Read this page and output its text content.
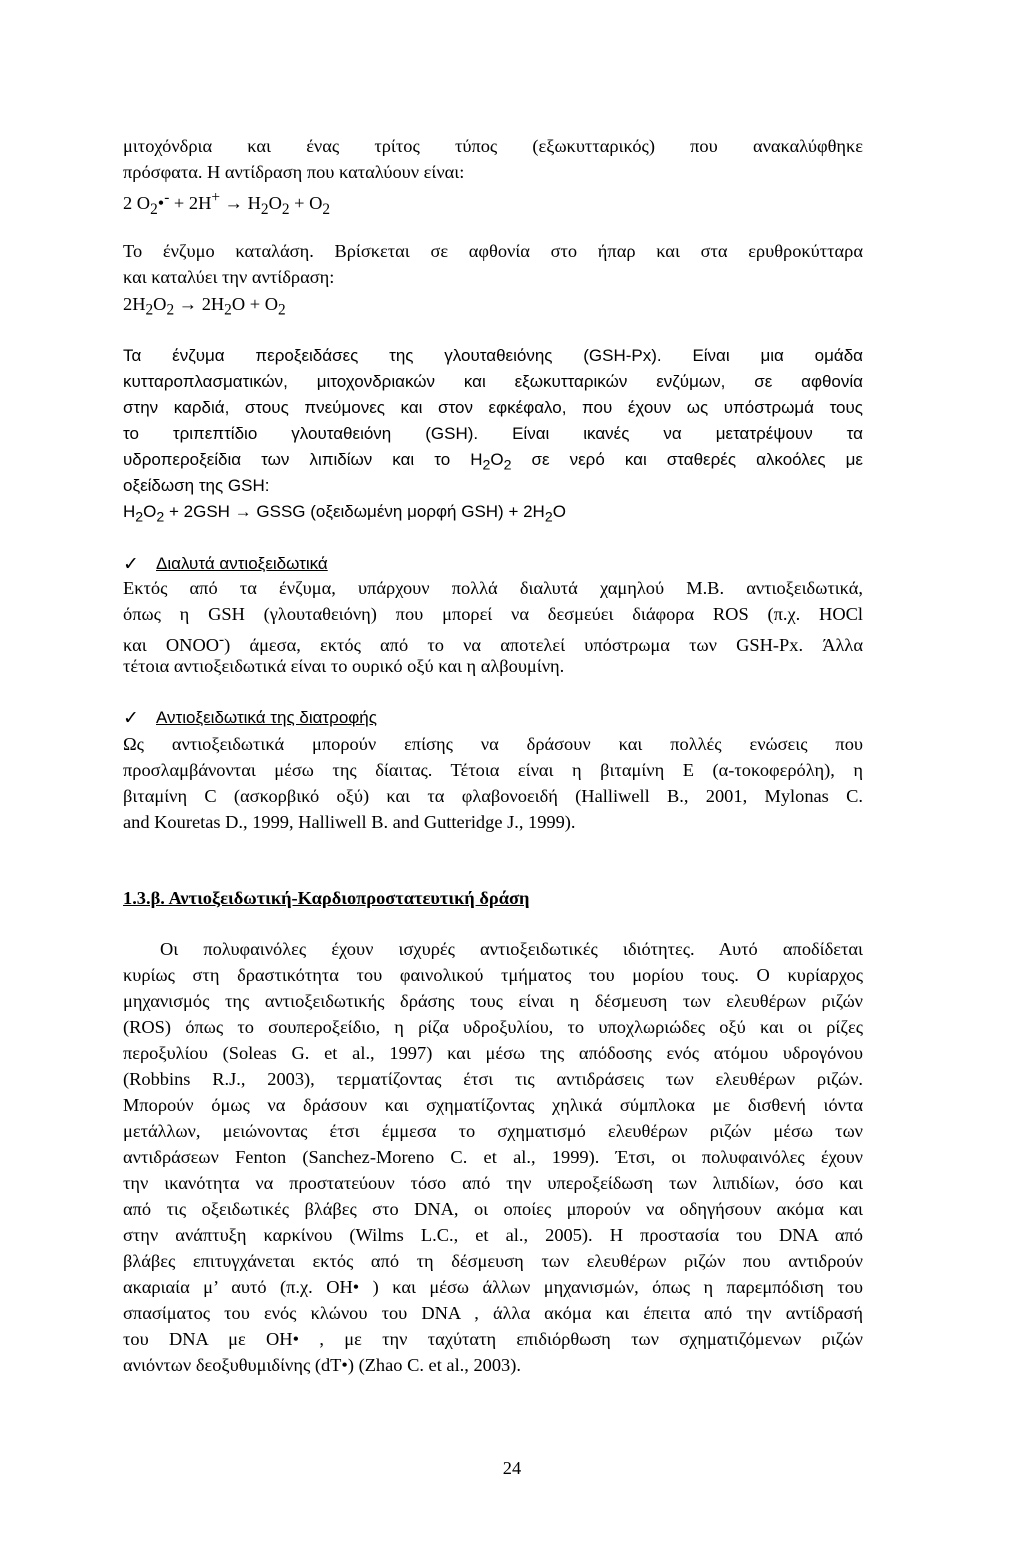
μιτοχόνδρια και ένας τρίτος τύπος (εξωκυτταρικός) που ανακαλύφθηκε
πρόσφατα. Η αντίδραση που καταλύουν είναι:
2 $O_2•^- + 2H^+ \to H_2O_2 + O_2$
Το ένζυμο καταλάση. Βρίσκεται σε αφθονία στο ήπαρ και στα ερυθροκύτταρα
και καταλύει την αντίδραση:
$2H_2O_2 \to 2H_2O + O_2$
Τα ένζυμα περοξειδάσες της γλουταθειόνης (GSH-Px). Είναι μια ομάδα
κυτταροπλασματικών, μιτοχονδριακών και εξωκυτταρικών ενζύμων, σε αφθονία
στην καρδιά, στους πνεύμονες και στον εφκέφαλο, που έχουν ως υπόστρωμά τους
το τριπεπτίδιο γλουταθειόνη (GSH). Είναι ικανές να μετατρέψουν τα
υδροπεροξείδια των λιπιδίων και το $H_2O_2$ σε νερό και σταθερές αλκοόλες με
οξείδωση της GSH:
$H_2O_2 + 2GSH$ → GSSG (οξειδωμένη μορφή $GSH) + 2H_2O$
✓ Διαλυτά αντιοξειδωτικά
Εκτός από τα ένζυμα, υπάρχουν πολλά διαλυτά χαμηλού Μ.Β. αντιοξειδωτικά,
όπως η GSH (γλουταθειόνη) που μπορεί να δεσμεύει διάφορα ROS (π.χ. HOCl
και ONOO-) άμεσα, εκτός από το να αποτελεί υπόστρωμα των GSH-Px. Άλλα
τέτοια αντιοξειδωτικά είναι το ουρικό οξύ και η αλβουμίνη.
✓ Αντιοξειδωτικά της διατροφής
Ως αντιοξειδωτικά μπορούν επίσης να δράσουν και πολλές ενώσεις που
προσλαμβάνονται μέσω της δίαιτας. Τέτοια είναι η βιταμίνη Ε (α-τοκοφερόλη), η
βιταμίνη C (ασκορβικό οξύ) και τα φλαβονοειδή (Halliwell B., 2001, Mylonas C.
and Kouretas D., 1999, Halliwell B. and Gutteridge J., 1999).
1.3.β. Αντιοξειδωτική-Καρδιοπροστατευτική δράση
Οι πολυφαινόλες έχουν ισχυρές αντιοξειδωτικές ιδιότητες. Αυτό αποδίδεται
κυρίως στη δραστικότητα του φαινολικού τμήματος του μορίου τους. Ο κυρίαρχος
μηχανισμός της αντιοξειδωτικής δράσης τους είναι η δέσμευση των ελευθέρων ριζών
(ROS) όπως το σουπεροξείδιο, η ρίζα υδροξυλίου, το υποχλωριώδες οξύ και οι ρίζες
περοξυλίου (Soleas G. et al., 1997) και μέσω της απόδοσης ενός ατόμου υδρογόνου
(Robbins R.J., 2003), τερματίζοντας έτσι τις αντιδράσεις των ελευθέρων ριζών.
Μπορούν όμως να δράσουν και σχηματίζοντας χηλικά σύμπλοκα με δισθενή ιόντα
μετάλλων, μειώνοντας έτσι έμμεσα το σχηματισμό ελευθέρων ριζών μέσω των
αντιδράσεων Fenton (Sanchez-Moreno C. et al., 1999). Έτσι, οι πολυφαινόλες έχουν
την ικανότητα να προστατεύουν τόσο από την υπεροξείδωση των λιπιδίων, όσο και
από τις οξειδωτικές βλάβες στο DNA, οι οποίες μπορούν να οδηγήσουν ακόμα και
στην ανάπτυξη καρκίνου (Wilms L.C., et al., 2005). Η προστασία του DNA από
βλάβες επιτυγχάνεται εκτός από τη δέσμευση των ελευθέρων ριζών που αντιδρούν
ακαριαία μ’ αυτό (π.χ. OH• ) και μέσω άλλων μηχανισμών, όπως η παρεμπόδιση του
σπασίματος του ενός κλώνου του DNA , άλλα ακόμα και έπειτα από την αντίδρασή
του DNA με OH• , με την ταχύτατη επιδιόρθωση των σχηματιζόμενων ριζών
ανιόντων δεοξυθυμιδίνης (dT•) (Zhao C. et al., 2003).
24
